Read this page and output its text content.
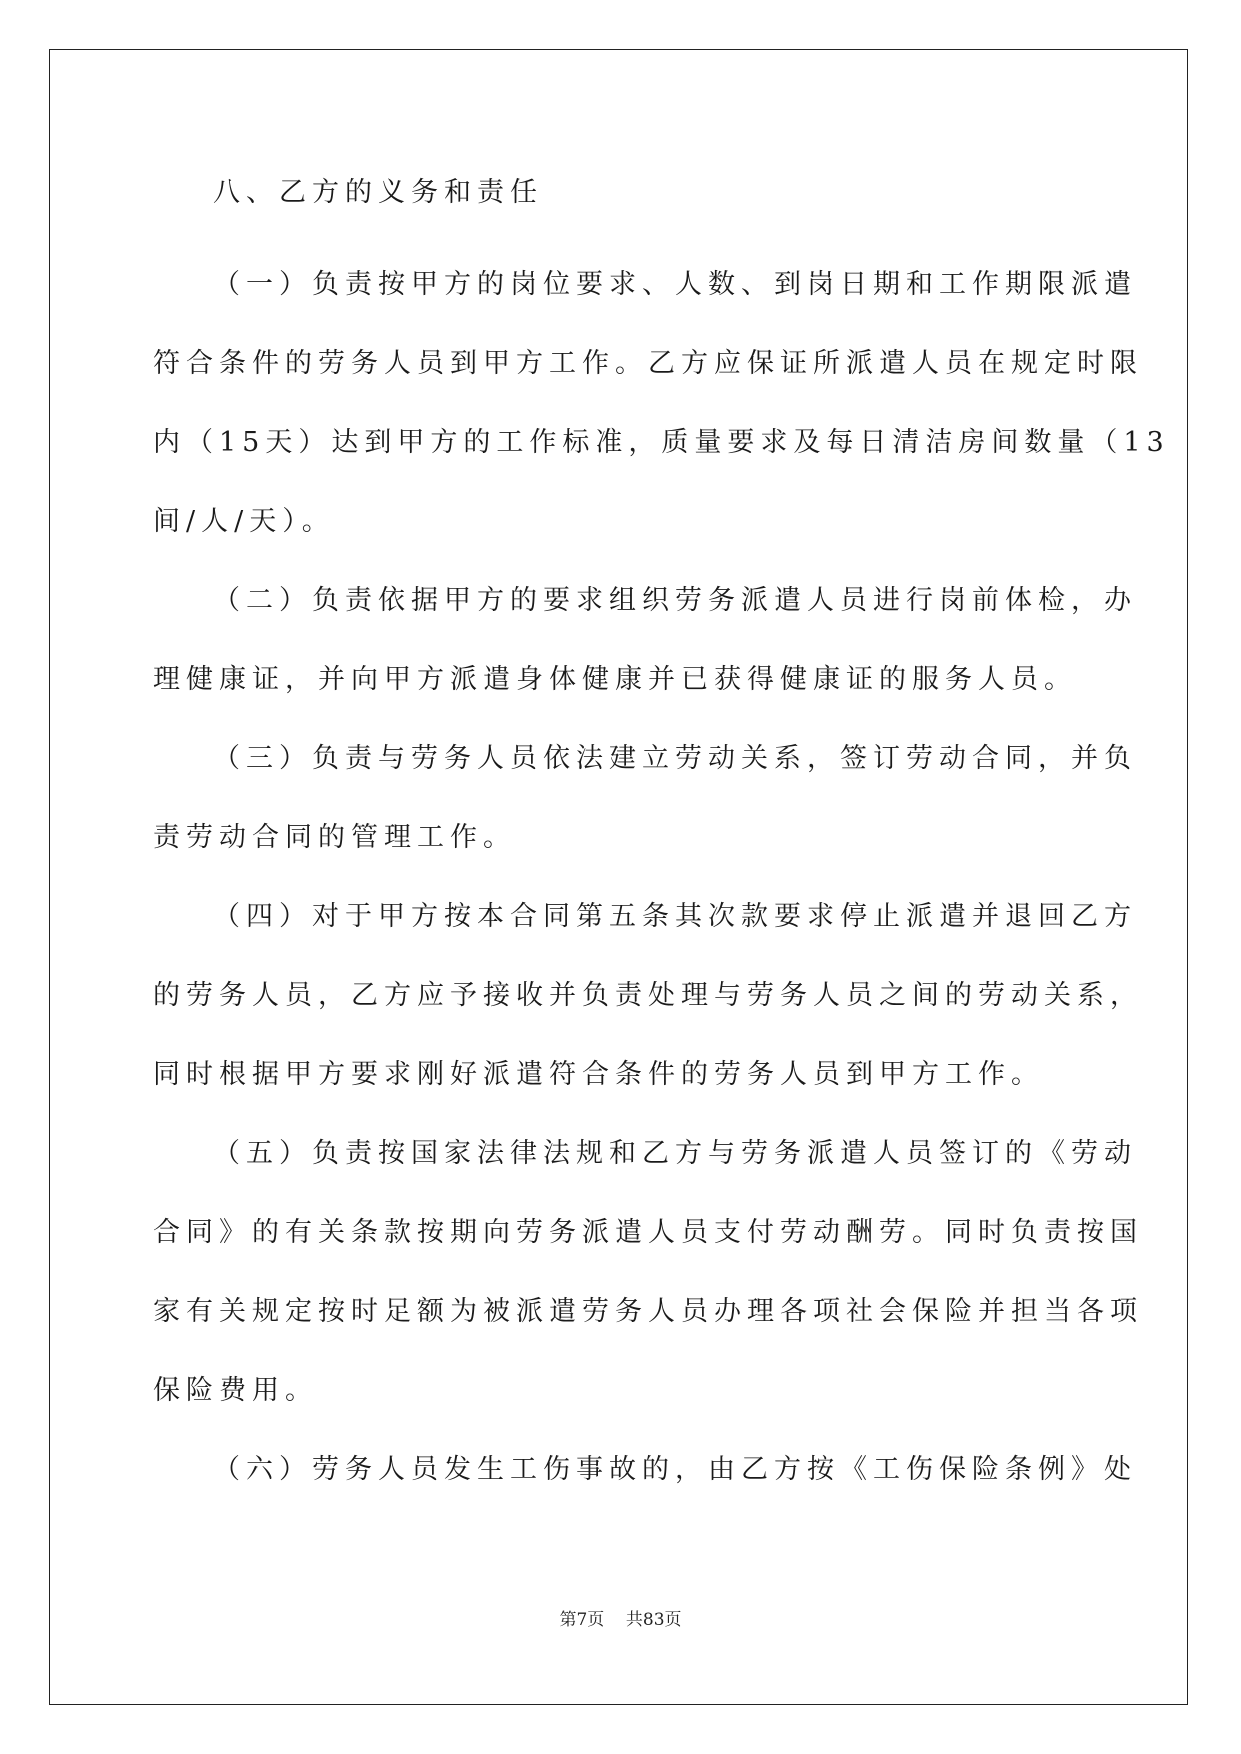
八、乙方的义务和责任

（一）负责按甲方的岗位要求、人数、到岗日期和工作期限派遣
符合条件的劳务人员到甲方工作。乙方应保证所派遣人员在规定时限
内（15天）达到甲方的工作标准，质量要求及每日清洁房间数量（13
间/人/天）。

（二）负责依据甲方的要求组织劳务派遣人员进行岗前体检，办
理健康证，并向甲方派遣身体健康并已获得健康证的服务人员。

（三）负责与劳务人员依法建立劳动关系，签订劳动合同，并负
责劳动合同的管理工作。

（四）对于甲方按本合同第五条其次款要求停止派遣并退回乙方
的劳务人员，乙方应予接收并负责处理与劳务人员之间的劳动关系，
同时根据甲方要求刚好派遣符合条件的劳务人员到甲方工作。

（五）负责按国家法律法规和乙方与劳务派遣人员签订的《劳动
合同》的有关条款按期向劳务派遣人员支付劳动酬劳。同时负责按国
家有关规定按时足额为被派遣劳务人员办理各项社会保险并担当各项
保险费用。

（六）劳务人员发生工伤事故的，由乙方按《工伤保险条例》处

第7页 共83页
